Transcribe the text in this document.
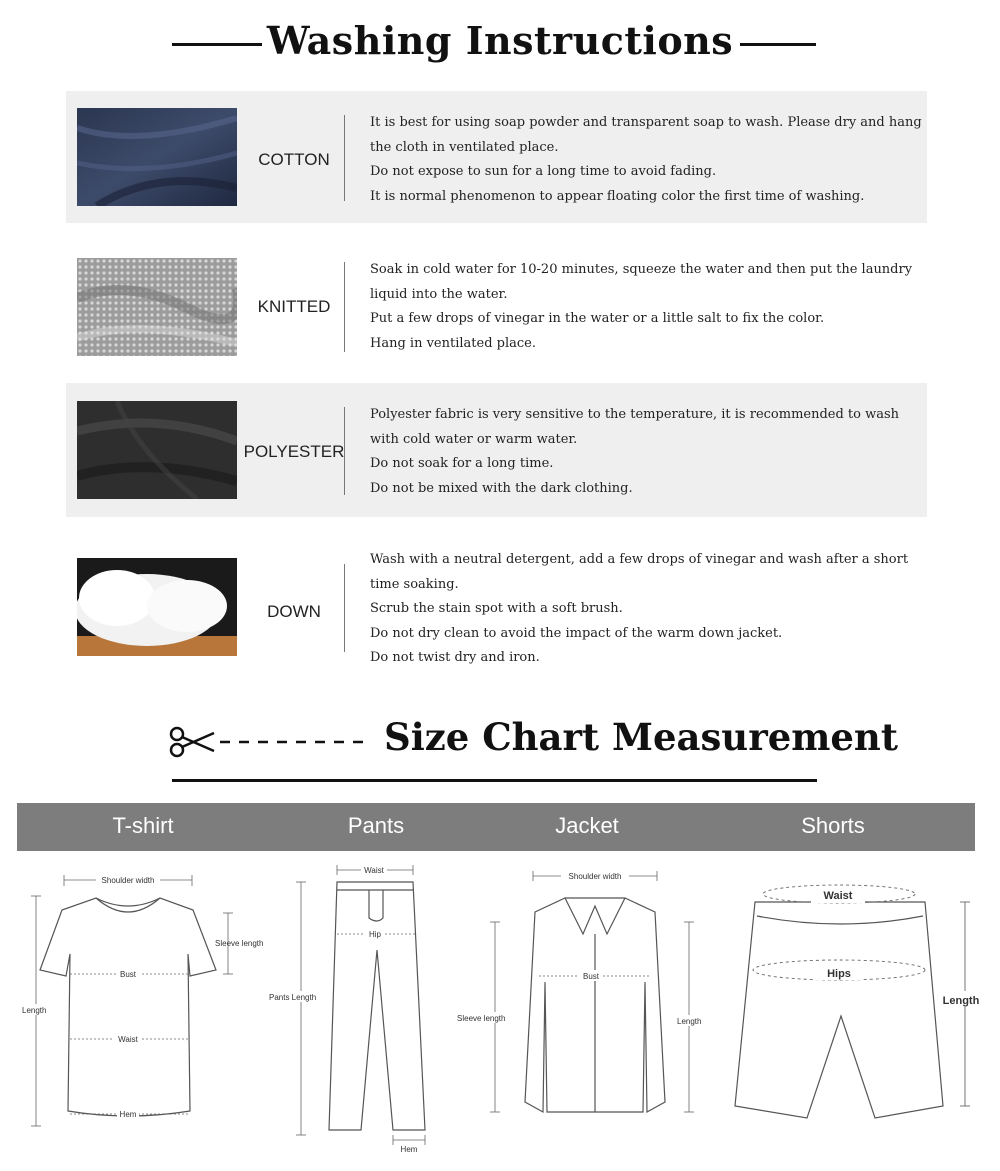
Washing Instructions
COTTON

It is best for using soap powder and transparent soap to wash. Please dry and hang the cloth in ventilated place.

Do not expose to sun for a long time to avoid fading.

It is normal phenomenon to appear floating color the first time of washing.

KNITTED

Soak in cold water for 10-20 minutes, squeeze the water and then put the laundry liquid into the water.

Put a few drops of vinegar in the water or a little salt to fix the color.

Hang in ventilated place.

POLYESTER

Polyester fabric is very sensitive to the temperature, it is recommended to wash with cold water or warm water.

Do not soak for a long time.

Do not be mixed with the dark clothing.

DOWN

Wash with a neutral detergent, add a few drops of vinegar and wash after a short time soaking.

Scrub the stain spot with a soft brush.

Do not dry clean to avoid the impact of the warm down jacket.

Do not twist dry and iron.

Size Chart Measurement
T-shirt	Pants	Jacket	Shorts
Shoulder width
Sleeve length
Bust
Length
Waist
Hem
Waist
Hip
Pants Length
Hem
Shoulder width
Bust
Sleeve length	Length
Waist
Hips
Length
